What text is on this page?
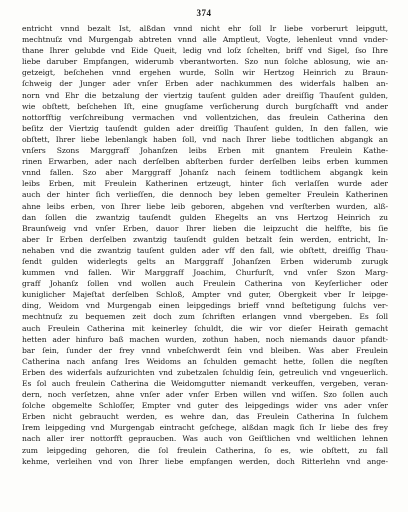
374
entricht vnnd bezalt Ist, alßdan vnnd nicht ehr ſoll Ir liebe vorberurt leipgutt,
mechtnuſz vnd Murgengab abtreten vnnd alle Amptleut, Vogte, lehenleut vnnd vnder-
thane Ihrer gelubde vnd Eide Queit, ledig vnd loſz ſchelten, briff vnd Sigel, ſso Ihre
liebe daruber Empfangen, widerumb vberantworten. Szo nun ſolche ablosung, wie an-
getzeigt, beſchehen vnnd ergehen wurde, Solln wir Hertzog Heinrich zu Braun-
ſchweig der Junger ader vnſer Erben ader nachkummen des widerfals halben an-
norn vnd Ehr die betzalung der viertzig tauſent gulden ader dreiſſig Thauſent gulden,
wie obſtett, beſchehen Iſt, eine gnugſame verſicherung durch burgſchafft vnd ander
nottorfftig verſchreibung vermachen vnd vollentzichen, das freulein Catherina den
beſitz der Viertzig tauſendt gulden ader dreiſſig Thauſent gulden, In den fallen, wie
obſtett, Ihrer liebe lebenlangk haben ſoll, vnd nach Ihrer liebe todtlichen abgangk an
vnſers Szons Marggraff Johanſzen leibs Erben mit gnantem Freulein Kathe-
rinen Erwarben, ader nach derſelben abſterben furder derſelben leibs erben kummen
vnnd fallen. Szo aber Marggraff Johanſz nach ſeinem todtlichem abgangk kein
leibs Erben, mit Freulein Katherinen ertzeugt, hinter ſich verlaſſen wurde ader
auch der hinter ſich verlieſſen, die dennoch bey leben gemelter Freulein Katherinen
ahne leibs erben, von Ihrer liebe leib geboren, abgehen vnd verſterben wurden, alß-
dan ſollen die zwantzig tauſendt gulden Ehegelts an vns Hertzog Heinrich zu
Braunſweig vnd vnſer Erben, dauor Ihrer lieben die leipzucht die helffte, bis ſie
aber Ir Erben derſelben zwantzig tauſendt gulden betzalt ſein werden, entricht, In-
nehaben vnd die zwantzig tauſent gulden ader vff den fall, wie obſtett, dreiſſig Thau-
ſendt gulden widerlegts gelts an Marggraff Johanſzen Erben widerumb zurugk
kummen vnd fallen. Wir Marggraff Joachim, Churfurſt, vnd vnſer Szon Marg-
graff Johanſz ſollen vnd wollen auch Freulein Catherina von Keyſerlicher oder
kuniglicher Majeſtat derſelben Schloß, Ampter vnd guter, Obergkeit vber Ir leipge-
ding, Weidom vnd Murgengab einen leipgedings brieff vnnd beſtetigung ſulchs ver-
mechtnuſz zu bequemen zeit doch zum ſchriften erlangen vnnd vbergeben. Es ſoll
auch Freulein Catherina mit keinerley ſchuldt, die wir vor dieſer Heirath gemacht
hetten ader hinfuro baß machen wurden, zothun haben, noch niemands dauor pfandt-
bar ſein, ſunder der frey vnnd vnbeſchwerdt ſein vnd bleiben. Was aber Freulein
Catherina nach anfang Ires Weidoms an ſchulden gemacht hette, ſollen die negſten
Erben des widerfals aufzurichten vnd zubetzalen ſchuldig ſein, getreulich vnd vngeuerlich.
Es ſol auch freulein Catherina die Weidomgutter niemandt verkeuffen, vergeben, veran-
dern, noch verſetzen, ahne vnſer ader vnſer Erben willen vnd wiſſen. Szo ſollen auch
ſolche obgemelte Schloſſer, Empter vnd guter des leipgedings wider vns ader vnſer
Erben nicht gebraucht werden, es wehre dan, das Freulein Catherina In ſulchem
Irem leipgeding vnd Murgengab eintracht geſchege, alßdan magk ſich Ir liebe des frey
nach aller irer nottorfft gepraucben. Was auch von Geiſtlichen vnd weltlichen lehnen
zum leipgeding gehoren, die ſol freulein Catherina, ſo es, wie obſtett, zu fall
kehme, verleihen vnd von Ihrer liebe empfangen werden, doch Ritterlehn vnd ange-
